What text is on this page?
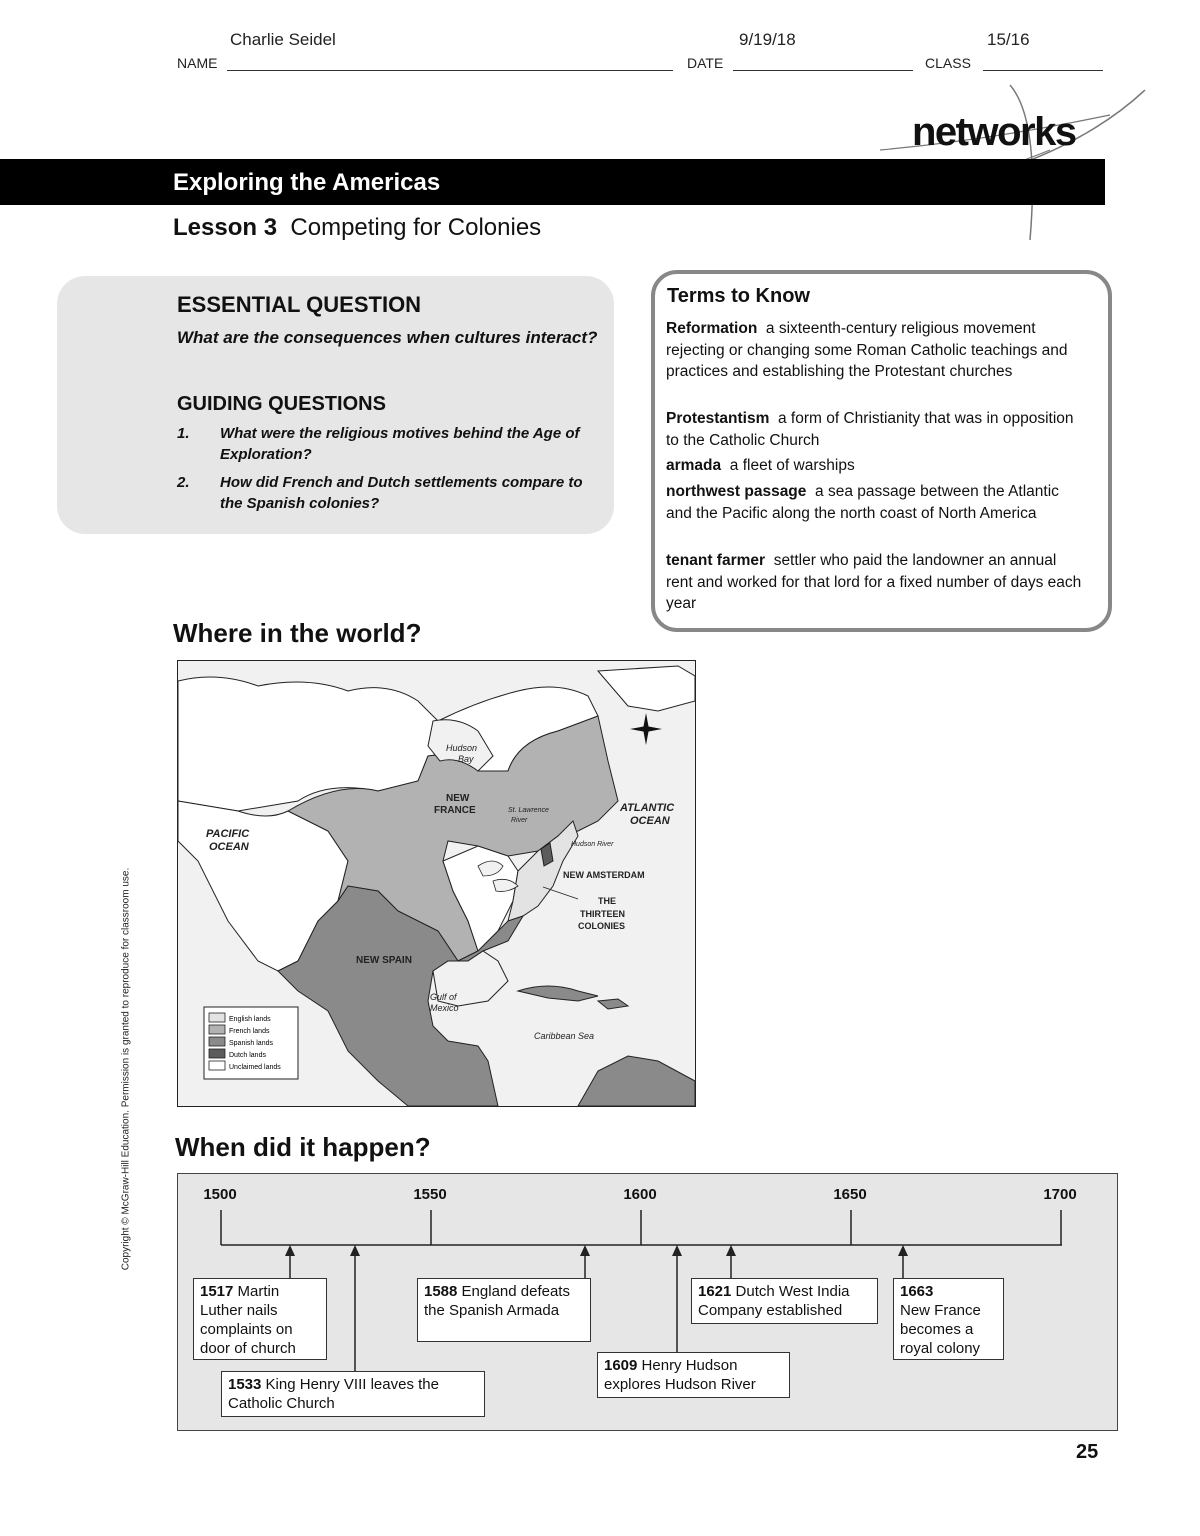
Charlie Seidel	9/19/18	15/16
NAME	DATE	CLASS
networks
Exploring the Americas
Lesson 3 Competing for Colonies
ESSENTIAL QUESTION
What are the consequences when cultures interact?
GUIDING QUESTIONS
1. What were the religious motives behind the Age of Exploration?
2. How did French and Dutch settlements compare to the Spanish colonies?
Terms to Know
Reformation a sixteenth-century religious movement rejecting or changing some Roman Catholic teachings and practices and establishing the Protestant churches
Protestantism a form of Christianity that was in opposition to the Catholic Church
armada a fleet of warships
northwest passage a sea passage between the Atlantic and the Pacific along the north coast of North America
tenant farmer settler who paid the landowner an annual rent and worked for that lord for a fixed number of days each year
Where in the world?
English lands
French lands
Spanish lands
Dutch lands
Unclaimed lands
PACIFIC
OCEAN
ATLANTIC
OCEAN
Hudson
Bay
Gulf of
Mexico
Caribbean Sea
St. Lawrence
River
Hudson River
NEW
FRANCE
NEW SPAIN
NEW AMSTERDAM
THE
THIRTEEN
COLONIES
Copyright © McGraw-Hill Education. Permission is granted to reproduce for classroom use. When did it happen?
1500	1550	1600	1650	1700
1517 Martin Luther nails complaints on door of church
1533 King Henry VIII leaves the Catholic Church
1588 England defeats the Spanish Armada
1609 Henry Hudson explores Hudson River
1621 Dutch West India Company established
1663
New France becomes a royal colony
25
